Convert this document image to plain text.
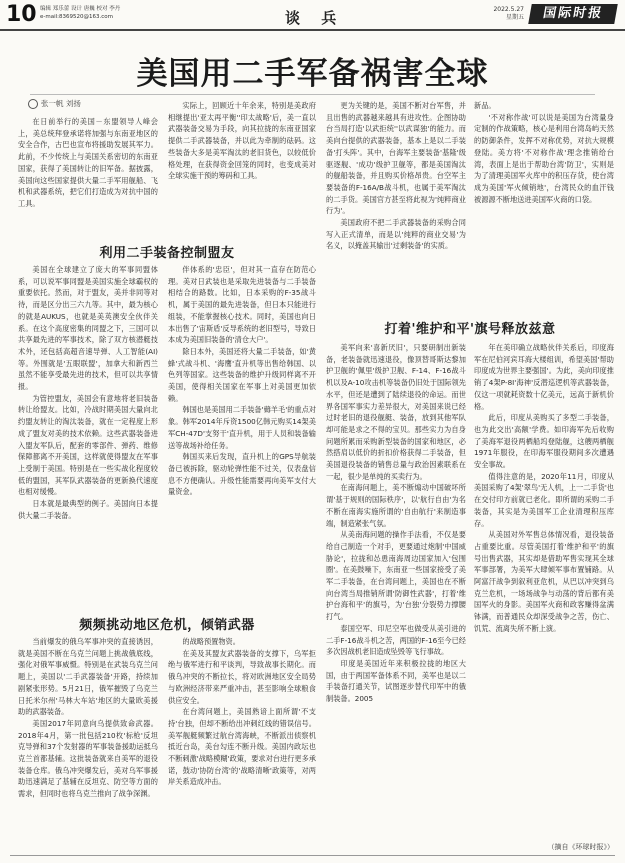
10 编辑 郑乐蕾 设计 唐巍 校对 李丹
e-mail:8369520@163.com	谈 兵	2022.5.27
星期五	国际时报
美国用二手军备祸害全球
张一帆 刘扬

在日前举行的美国－东盟领导人峰会上，美总统拜登承诺将加强与东南亚地区的安全合作，古巴也宣布将援助发展其军力。此前，不少传统上与美国关系密切的东南亚国家，获得了美国转让的旧军备。据披露，美国向这些国家提供大量二手军用舰船、飞机和武器系统，把它们打造成为对抗中国的工具。

实际上，回顾近十年余来，特别是美政府相继提出'亚太再平衡''印太战略'后，美一直以武器装备交易为手段，向其拉拢的东南亚国家提供二手武器装备，并以此为牵制的砝码。这些装备大多是美军淘汰的老旧货色，以较低价格处理，在获得资金回笼的同时，也变成美对全球实施干预的筹码和工具。

利用二手装备控制盟友

美国在全球建立了庞大的军事同盟体系，可以说军事同盟是美国实施全球霸权的重要依托。然而，对于盟友，美并非同等对待，而是区分出三六九等。其中，最为核心的就是AUKUS，也就是美英澳安全伙伴关系。在这个高度密集的同盟之下，三国可以共享最先进的军事技术，除了双方核潜艇技术外，还包括高超音速导弹、人工智能(AI)等。外围就是'五眼联盟'，加拿大和新西兰虽然不能享受最先进的技术，但可以共享情报。

为管控盟友，美国会有意地将老旧装备转让给盟友。比如，冷战时期美国大量向北约盟友转让的淘汰装备，就在一定程度上形成了盟友对美的技术依赖。这些武器装备进入盟友军队后，配套的零部件、弹药、维修保障都离不开美国，这样就使得盟友在军事上受制于美国。特别是在一些实战化程度较低的盟国，其军队武器装备的更新换代速度也相对缓慢。

日本就是最典型的例子。美国向日本提供大量二手装备。

伴体系的'忠臣'，但对其一直存在防范心理。美对日武装也是采取先进装备与二手装备相结合的路数。比如，日本采购的F-35战斗机，属于美国的最先进装备，但日本只能进行组装，不能掌握核心技术。同时，美国也向日本出售了'宙斯盾'反导系统的老旧型号，导致日本成为美国旧装备的'清仓大户'。

除日本外，美国还将大量二手装备，如'黄蜂'式战斗机、'海鹰'直升机等出售给韩国、以色列等国家。这些装备的维护升级同样离不开美国，使得相关国家在军事上对美国更加依赖。

韩国也是美国用二手装备'薅羊毛'的重点对象。韩军2014年斥资1500亿韩元购买14架美军CH-47D'支努干'直升机，用于人员和装备输送等战场补给任务。

韩国买来后发现，直升机上的GPS导航装备已被拆除，驱动轮弹性能不过关，仅表盘信息不方便确认。升级性能需要再向美军支付大量资金。

频频挑动地区危机，倾销武器

当前爆发的俄乌军事冲突的直接诱因，就是美国不断在乌克兰问题上挑战俄底线，强化对俄军事威慑。特别是在武装乌克兰问题上，美国以'二手武器装备'开路，持续加剧紧张形势。5月21日，俄军摧毁了乌克兰日托米尔州'马林大车站'地区的大量欧美援助的武器装备。

美国2017年同意向乌提供致命武器。2018年4月，第一批包括210枚'标枪'反坦克导弹和37个发射器的军事装备援助运抵乌克兰首都基辅。这批装备就来自美军的退役装备仓库。俄乌冲突爆发后，美对乌军事援助迅速满足了基辅在反坦克、防空等方面的需求，但同时也将乌克兰推向了战争深渊。

的战略预置物资。

在美及其盟友武器装备的支撑下，乌军拒绝与俄军进行和平谈判，导致战事长期化。而俄乌冲突的不断拉长，将对欧洲地区安全局势与欧洲经济带来严重冲击，甚至影响全球粮食供应安全。

在台湾问题上，美国熟谙上面所谓'不支持'台独，但却不断给出冲刺红线的错误信号。美军舰艇频繁过航台湾海峡，不断派出侦察机抵近台岛，美台勾连不断升级。美国内政坛也不断刺激'战略模糊'政策，要求对台进行更多承诺，鼓动'协防台湾'的'战略清晰'政策等，对两岸关系造成冲击。

更为关键的是，美国不断对台军售，并且出售的武器越来越具有进攻性。企图协助台当局打造'以武拒统''以武谋独'的能力。而美向台提供的武器装备，基本上是以二手装备'打头阵'。其中，台海军主要装备'基隆'级驱逐舰、'成功'级护卫舰等，都是美国淘汰的舰船装备，并且购买价格昂贵。台空军主要装备的F-16A/B战斗机，也属于美军淘汰的二手货。美国官方甚至将此视为'纯粹商业行为'。

美国政府不把二手武器装备的采购合同写入正式清单，而是以'纯粹的商业交易'为名义，以掩盖其输出'过剩装备'的实质。

新品。

'不对称作战'可以说是美国为台湾量身定制的作战策略，核心是利用台湾岛屿天然的防御条件，发挥不对称优势，对抗大规模登陆。美方将'不对称作战'理念推销给台湾，表面上是出于帮助台湾'防卫'，实则是为了清理美国军火库中的积压存货，使台湾成为美国'军火倾销地'，台湾民众的血汗钱被源源不断地送进美国军火商的口袋。

打着'维护和平'旗号释放兹意

美军向来'喜新厌旧'，只要研制出新装备，老装备就迅速退役，像顶替哥斯达黎加护卫舰的'佩里'级护卫舰、F-14、F-16战斗机以及A-10攻击机等装备仍旧处于国际领先水平，但还是遭到了陆续退役的命运。而世界各国军事实力差异很大，对美国来说已经过时老旧的退役舰艇、装备，放到其他军队却可能是求之不得的宝贝。那些实力为自身问题所累而采购新型装备的国家和地区，必然搭肩以低价的折扣价格获得二手装备，但美国退役装备的销售总量与政治因素联系在一起，很少是单纯的买卖行为。

在南海问题上，美不断煽动中国破坏所谓'基于规则的国际秩序'，以'航行自由'为名不断在南海实施所谓的'自由航行'来制造事端，制造紧张气氛。

从美南海问题的操作手法看，不仅是要给自己制造一个对手，更要通过炮制'中国威胁论'，拉拢和怂恿南海周边国家加入'包围圈'。在美鼓噪下，东南亚一些国家接受了美军二手装备，在台湾问题上，美国也在不断向台湾当局推销所谓'防御性武器'，打着'维护台海和平'的旗号，为'台独'分裂势力撑腰打气。

泰国空军、印尼空军也做受从美引进的二手F-16战斗机之苦，两国的F-16至今已经多次因战机老旧造成坠毁等飞行事故。

印度是美国近年来积极拉拢的地区大国，由于两国军备体系不同，美军也是以二手装备打通关节，试图逐步替代印军中的俄制装备。2005

年在美印确立战略伙伴关系后，印度海军在尼伯河宾耳海大楼组训，希望美国'帮助印度成为世界主要强国'。为此，美向印度推销了4架P-8I'海神'反潜巡逻机等武器装备，仅这一项就耗资数十亿美元，远高于新机价格。

此后，印度从美购买了多型二手装备，也为此交出'高额'学费。如印海军先后收购了美海军退役两栖船坞登陆舰，这艘两栖舰1971年服役，在印海军服役期间多次遭遇安全事故。

值得注意的是，2020年11月，印度从美国采购了4架'翠鸟'无人机，上一二手货'也在交付印方前就已老化。即所谓的采购二手装备，其实是为美国军工企业清理积压库存。

从美国对外军售总体情况看，退役装备占重要比重。尽管美国打着'维护和平'的旗号出售武器，其实却是借助军售实现其全球军事部署，为美军大肆倾军事布置铺路。从阿富汗战争到叙利亚危机，从巴以冲突到乌克兰危机，一场场战争与动荡的背后都有美国军火的身影。美国军火商和政客赚得盆满钵满，而普通民众却深受战争之苦，伤亡、饥荒、流离失所不断上演。

（摘自《环球时报》）
